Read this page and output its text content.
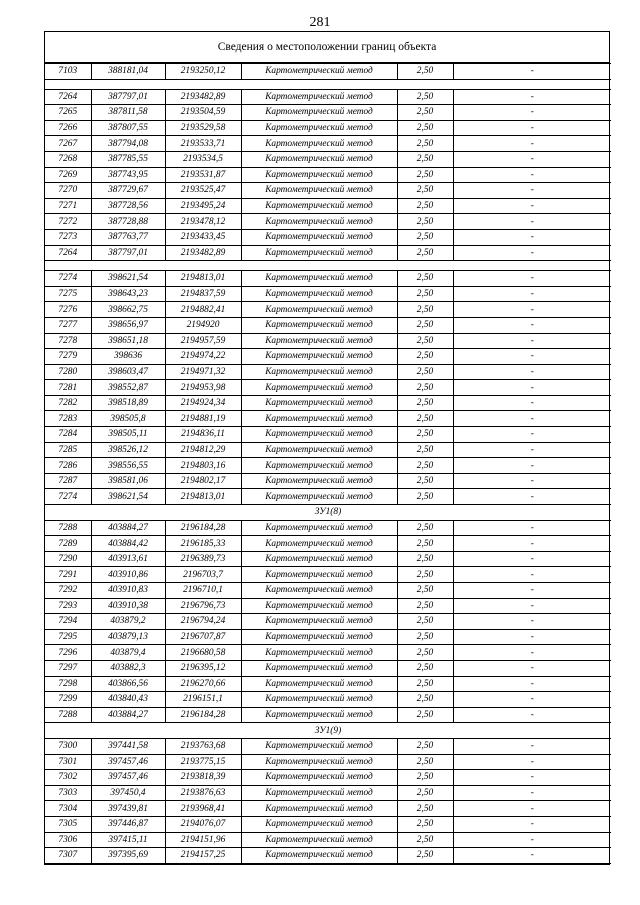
281
Сведения о местоположении границ объекта
7103	388181,04	2193250,12	Картометрический метод	2,50	-

7264	387797,01	2193482,89	Картометрический метод	2,50	-
7265	387811,58	2193504,59	Картометрический метод	2,50	-
7266	387807,55	2193529,58	Картометрический метод	2,50	-
7267	387794,08	2193533,71	Картометрический метод	2,50	-
7268	387785,55	2193534,5	Картометрический метод	2,50	-
7269	387743,95	2193531,87	Картометрический метод	2,50	-
7270	387729,67	2193525,47	Картометрический метод	2,50	-
7271	387728,56	2193495,24	Картометрический метод	2,50	-
7272	387728,88	2193478,12	Картометрический метод	2,50	-
7273	387763,77	2193433,45	Картометрический метод	2,50	-
7264	387797,01	2193482,89	Картометрический метод	2,50	-

7274	398621,54	2194813,01	Картометрический метод	2,50	-
7275	398643,23	2194837,59	Картометрический метод	2,50	-
7276	398662,75	2194882,41	Картометрический метод	2,50	-
7277	398656,97	2194920	Картометрический метод	2,50	-
7278	398651,18	2194957,59	Картометрический метод	2,50	-
7279	398636	2194974,22	Картометрический метод	2,50	-
7280	398603,47	2194971,32	Картометрический метод	2,50	-
7281	398552,87	2194953,98	Картометрический метод	2,50	-
7282	398518,89	2194924,34	Картометрический метод	2,50	-
7283	398505,8	2194881,19	Картометрический метод	2,50	-
7284	398505,11	2194836,11	Картометрический метод	2,50	-
7285	398526,12	2194812,29	Картометрический метод	2,50	-
7286	398556,55	2194803,16	Картометрический метод	2,50	-
7287	398581,06	2194802,17	Картометрический метод	2,50	-
7274	398621,54	2194813,01	Картометрический метод	2,50	-
ЗУ1(8)					
7288	403884,27	2196184,28	Картометрический метод	2,50	-
7289	403884,42	2196185,33	Картометрический метод	2,50	-
7290	403913,61	2196389,73	Картометрический метод	2,50	-
7291	403910,86	2196703,7	Картометрический метод	2,50	-
7292	403910,83	2196710,1	Картометрический метод	2,50	-
7293	403910,38	2196796,73	Картометрический метод	2,50	-
7294	403879,2	2196794,24	Картометрический метод	2,50	-
7295	403879,13	2196707,87	Картометрический метод	2,50	-
7296	403879,4	2196680,58	Картометрический метод	2,50	-
7297	403882,3	2196395,12	Картометрический метод	2,50	-
7298	403866,56	2196270,66	Картометрический метод	2,50	-
7299	403840,43	2196151,1	Картометрический метод	2,50	-
7288	403884,27	2196184,28	Картометрический метод	2,50	-
ЗУ1(9)					
7300	397441,58	2193763,68	Картометрический метод	2,50	-
7301	397457,46	2193775,15	Картометрический метод	2,50	-
7302	397457,46	2193818,39	Картометрический метод	2,50	-
7303	397450,4	2193876,63	Картометрический метод	2,50	-
7304	397439,81	2193968,41	Картометрический метод	2,50	-
7305	397446,87	2194076,07	Картометрический метод	2,50	-
7306	397415,11	2194151,96	Картометрический метод	2,50	-
7307	397395,69	2194157,25	Картометрический метод	2,50	-
